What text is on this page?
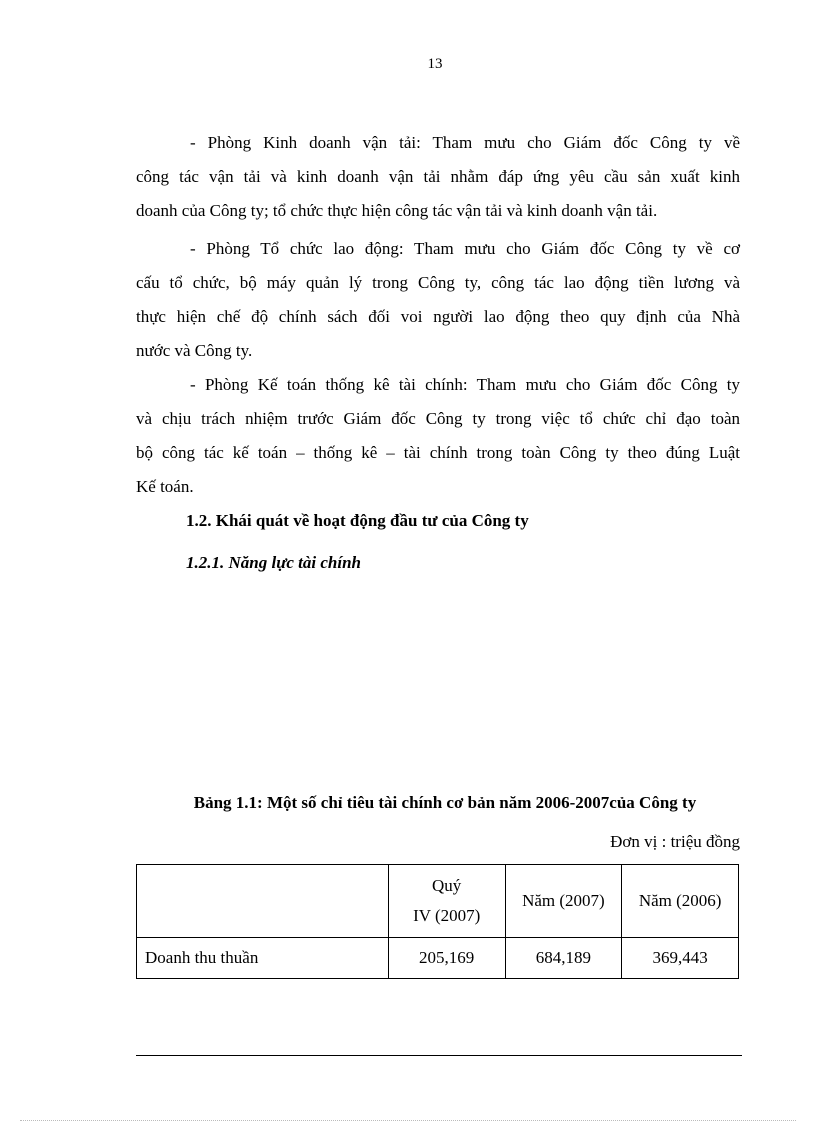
13

- Phòng Kinh doanh vận tải: Tham mưu cho Giám đốc Công ty về
công tác vận tải và kinh doanh vận tải nhằm đáp ứng yêu cầu sản xuất kinh
doanh của Công ty; tổ chức thực hiện công tác vận tải và kinh doanh vận tải.

- Phòng Tổ chức lao động: Tham mưu cho Giám đốc Công ty về cơ
cấu tổ chức, bộ máy quản lý trong Công ty, công tác lao động tiền lương và
thực hiện chế độ chính sách đối voi người lao động theo quy định của Nhà
nước và Công ty.

- Phòng Kế toán thống kê tài chính: Tham mưu cho Giám đốc Công ty
và chịu trách nhiệm trước Giám đốc Công ty trong việc tổ chức chỉ đạo toàn
bộ công tác kế toán – thống kê – tài chính trong toàn Công ty theo đúng Luật
Kế toán.

1.2. Khái quát về hoạt động đầu tư của Công ty
1.2.1. Năng lực tài chính
Bảng 1.1: Một số chỉ tiêu tài chính cơ bản năm 2006-2007của Công ty
Đơn vị : triệu đồng
	Quý
IV (2007)	Năm (2007)	Năm (2006)
Doanh thu thuần	205,169	684,189	369,443
